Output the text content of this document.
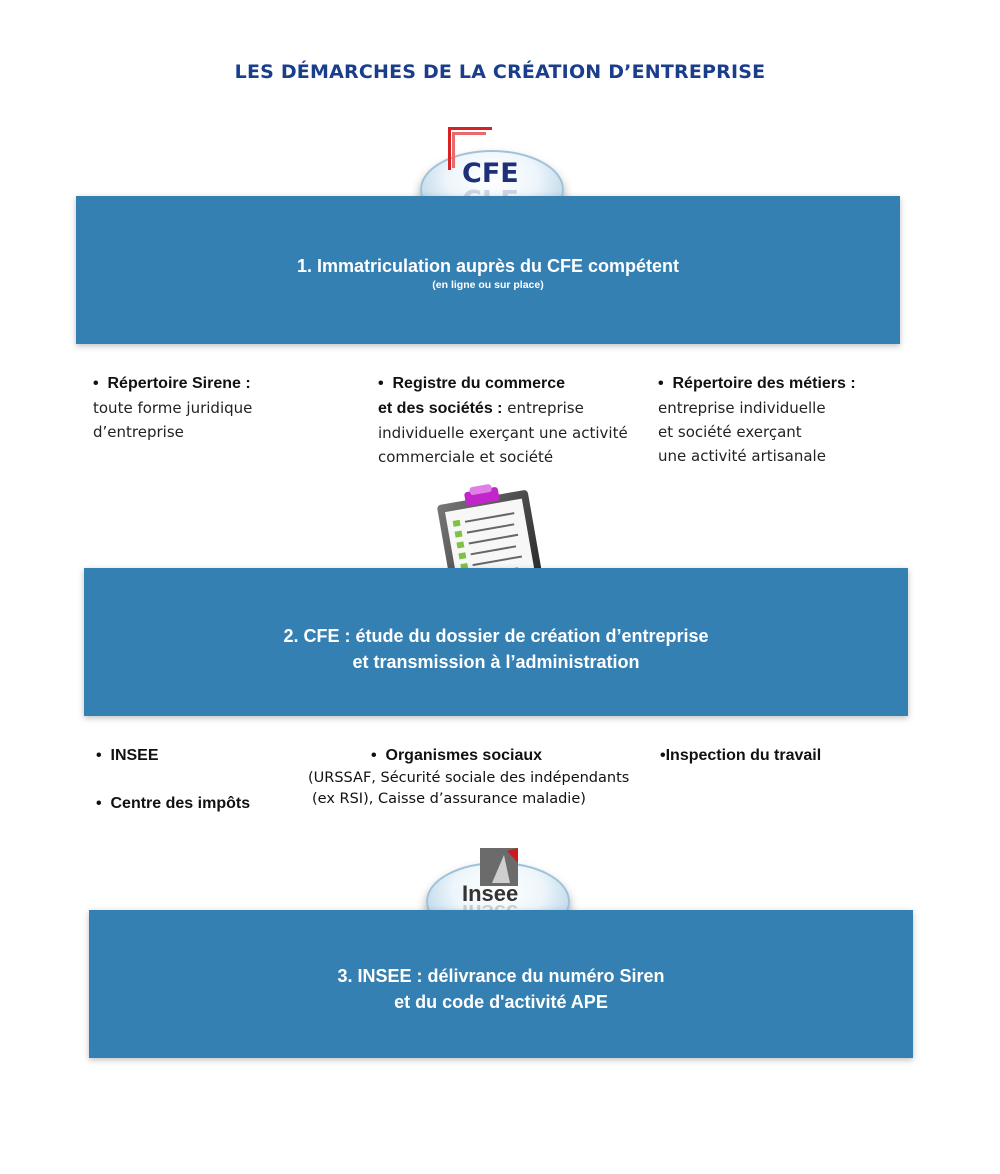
LES DÉMARCHES DE LA CRÉATION D’ENTREPRISE
CFE
1. Immatriculation auprès du CFE compétent
(en ligne ou sur place)
• Répertoire Sirene :
toute forme juridique
d’entreprise
• Registre du commerce
et des sociétés : entreprise
individuelle exerçant une activité
commerciale et société
• Répertoire des métiers :
entreprise individuelle
et société exerçant
une activité artisanale
2. CFE : étude du dossier de création d’entreprise
et transmission à l’administration
• INSEE
• Centre des impôts
• Organismes sociaux
(URSSAF, Sécurité sociale des indépendants
(ex RSI), Caisse d’assurance maladie)
•Inspection du travail
Insee
3. INSEE : délivrance du numéro Siren
et du code d'activité APE
